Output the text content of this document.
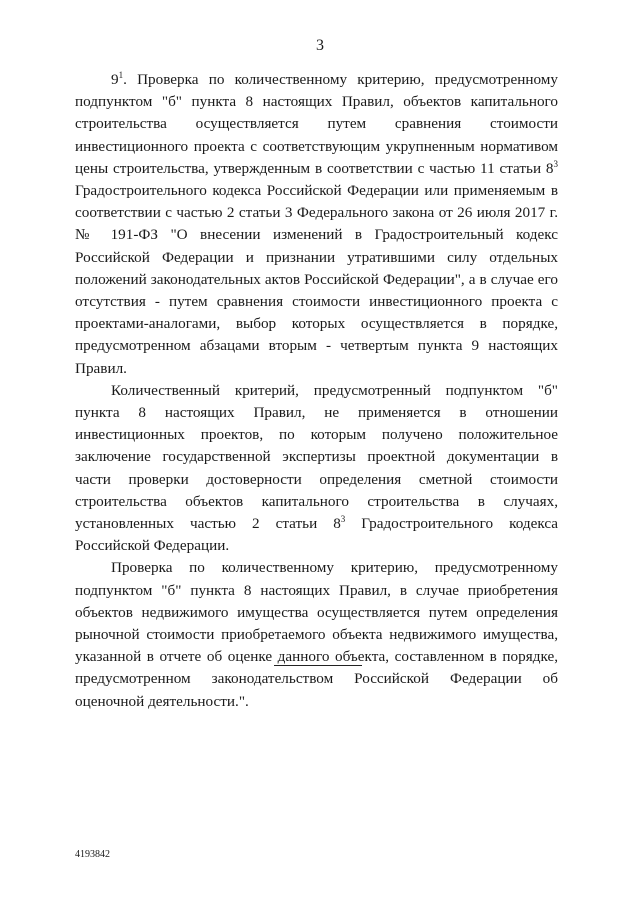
3

$9^1$. Проверка по количественному критерию, предусмотренному подпунктом "б" пункта 8 настоящих Правил, объектов капитального строительства осуществляется путем сравнения стоимости инвестиционного проекта с соответствующим укрупненным нормативом цены строительства, утвержденным в соответствии с частью 11 статьи $8^3$ Градостроительного кодекса Российской Федерации или применяемым в соответствии с частью 2 статьи 3 Федерального закона от 26 июля 2017 г. № 191-ФЗ "О внесении изменений в Градостроительный кодекс Российской Федерации и признании утратившими силу отдельных положений законодательных актов Российской Федерации", а в случае его отсутствия - путем сравнения стоимости инвестиционного проекта с проектами-аналогами, выбор которых осуществляется в порядке, предусмотренном абзацами вторым - четвертым пункта 9 настоящих Правил.

Количественный критерий, предусмотренный подпунктом "б" пункта 8 настоящих Правил, не применяется в отношении инвестиционных проектов, по которым получено положительное заключение государственной экспертизы проектной документации в части проверки достоверности определения сметной стоимости строительства объектов капитального строительства в случаях, установленных частью 2 статьи $8^3$ Градостроительного кодекса Российской Федерации.

Проверка по количественному критерию, предусмотренному подпунктом "б" пункта 8 настоящих Правил, в случае приобретения объектов недвижимого имущества осуществляется путем определения рыночной стоимости приобретаемого объекта недвижимого имущества, указанной в отчете об оценке данного объекта, составленном в порядке, предусмотренном законодательством Российской Федерации об оценочной деятельности.".

4193842
